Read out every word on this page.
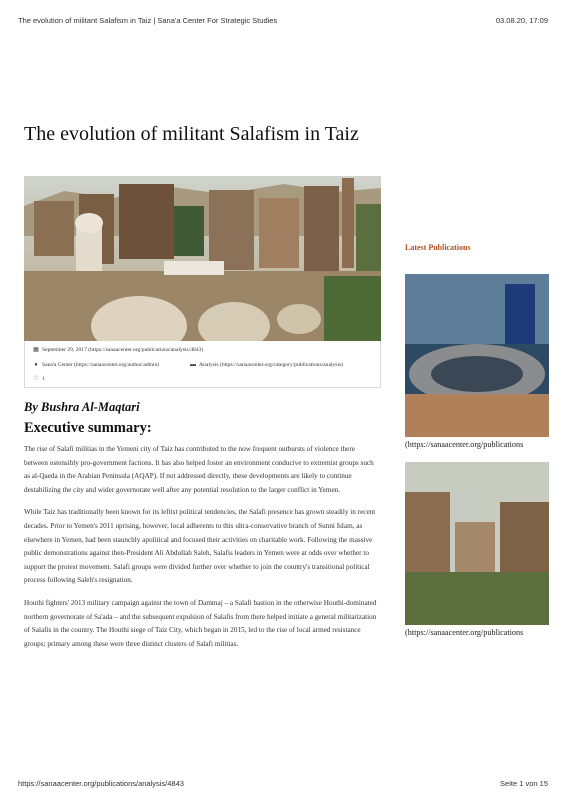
The evolution of militant Salafism in Taiz | Sana'a Center For Strategic Studies	03.08.20, 17:09
The evolution of militant Salafism in Taiz
▦ September 29, 2017 (https://sanaacenter.org/publications/analysis/4843)
● Sana'a Center (https://sanaacenter.org/author/admin)	▬ Analysis (https://sanaacenter.org/category/publications/analysis)
♡ 1
By Bushra Al-Maqtari
Executive summary:

The rise of Salafi militias in the Yemeni city of Taiz has contributed to the now frequent outbursts of violence there between ostensibly pro-government factions. It has also helped foster an environment conducive to extremist groups such as al-Qaeda in the Arabian Peninsula (AQAP). If not addressed directly, these developments are likely to continue destabilizing the city and wider governorate well after any potential resolution to the larger conflict in Yemen.

While Taiz has traditionally been known for its leftist political tendencies, the Salafi presence has grown steadily in recent decades. Prior to Yemen's 2011 uprising, however, local adherents to this ultra-conservative branch of Sunni Islam, as elsewhere in Yemen, had been staunchly apolitical and focused their activities on charitable work. Following the massive public demonstrations against then-President Ali Abdullah Saleh, Salafis leaders in Yemen were at odds over whether to support the protest movement. Salafi groups were divided further over whether to join the country's transitional political process following Saleh's resignation.

Houthi fighters' 2013 military campaign against the town of Dammaj – a Salafi bastion in the otherwise Houthi-dominated northern governorate of Sa'ada – and the subsequent expulsion of Salafis from there helped initiate a general militarization of Salafis in the country. The Houthi siege of Taiz City, which began in 2015, led to the rise of local armed resistance groups; primary among these were three distinct clusters of Salafi militias.

Latest Publications
(https://sanaacenter.org/publications
(https://sanaacenter.org/publications
https://sanaacenter.org/publications/analysis/4843	Seite 1 von 15
